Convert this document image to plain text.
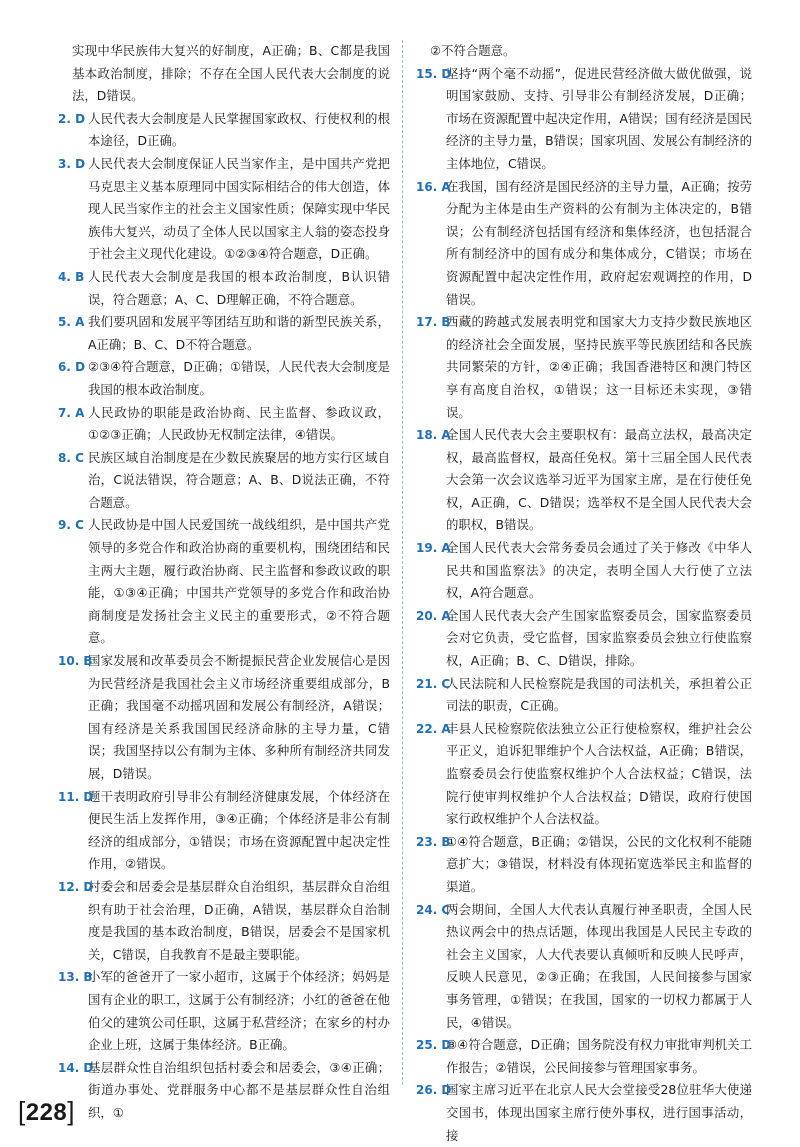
实现中华民族伟大复兴的好制度，A正确；B、C都是我国基本政治制度，排除；不存在全国人民代表大会制度的说法，D错误。

2. D 人民代表大会制度是人民掌握国家政权、行使权利的根本途径，D正确。

3. D 人民代表大会制度保证人民当家作主，是中国共产党把马克思主义基本原理同中国实际相结合的伟大创造，体现人民当家作主的社会主义国家性质；保障实现中华民族伟大复兴，动员了全体人民以国家主人翁的姿态投身于社会主义现代化建设。①②③④符合题意，D正确。

4. B 人民代表大会制度是我国的根本政治制度，B认识错误，符合题意；A、C、D理解正确，不符合题意。

5. A 我们要巩固和发展平等团结互助和谐的新型民族关系，A正确；B、C、D不符合题意。

6. D ②③④符合题意，D正确；①错误，人民代表大会制度是我国的根本政治制度。

7. A 人民政协的职能是政治协商、民主监督、参政议政，①②③正确；人民政协无权制定法律，④错误。

8. C 民族区域自治制度是在少数民族聚居的地方实行区域自治，C说法错误，符合题意；A、B、D说法正确，不符合题意。

9. C 人民政协是中国人民爱国统一战线组织，是中国共产党领导的多党合作和政治协商的重要机构，围绕团结和民主两大主题，履行政治协商、民主监督和参政议政的职能，①③④正确；中国共产党领导的多党合作和政治协商制度是发扬社会主义民主的重要形式，②不符合题意。

10. B
国家发展和改革委员会不断提振民营企业发展信心是因为民营经济是我国社会主义市场经济重要组成部分，B正确；我国毫不动摇巩固和发展公有制经济，A错误；国有经济是关系我国国民经济命脉的主导力量，C错误；我国坚持以公有制为主体、多种所有制经济共同发展，D错误。

11. D
题干表明政府引导非公有制经济健康发展，个体经济在便民生活上发挥作用，③④正确；个体经济是非公有制经济的组成部分，①错误；市场在资源配置中起决定性作用，②错误。

12. D
村委会和居委会是基层群众自治组织，基层群众自治组织有助于社会治理，D正确，A错误，基层群众自治制度是我国的基本政治制度，B错误，居委会不是国家机关，C错误，自我教育不是最主要职能。

13. B
小军的爸爸开了一家小超市，这属于个体经济；妈妈是国有企业的职工，这属于公有制经济；小红的爸爸在他伯父的建筑公司任职，这属于私营经济；在家乡的村办企业上班，这属于集体经济。B正确。

14. D
基层群众性自治组织包括村委会和居委会，③④正确；街道办事处、党群服务中心都不是基层群众性自治组织，①

②不符合题意。

15. D
坚持“两个毫不动摇”，促进民营经济做大做优做强，说明国家鼓励、支持、引导非公有制经济发展，D正确；市场在资源配置中起决定作用，A错误；国有经济是国民经济的主导力量，B错误；国家巩固、发展公有制经济的主体地位，C错误。

16. A
在我国，国有经济是国民经济的主导力量，A正确；按劳分配为主体是由生产资料的公有制为主体决定的，B错误；公有制经济包括国有经济和集体经济，也包括混合所有制经济中的国有成分和集体成分，C错误；市场在资源配置中起决定性作用，政府起宏观调控的作用，D错误。

17. B
西藏的跨越式发展表明党和国家大力支持少数民族地区的经济社会全面发展，坚持民族平等民族团结和各民族共同繁荣的方针，②④正确；我国香港特区和澳门特区享有高度自治权，①错误；这一目标还未实现，③错误。

18. A
全国人民代表大会主要职权有：最高立法权，最高决定权，最高监督权，最高任免权。第十三届全国人民代表大会第一次会议选举习近平为国家主席，是在行使任免权，A正确，C、D错误；选举权不是全国人民代表大会的职权，B错误。

19. A
全国人民代表大会常务委员会通过了关于修改《中华人民共和国监察法》的决定，表明全国人大行使了立法权，A符合题意。

20. A
全国人民代表大会产生国家监察委员会，国家监察委员会对它负责，受它监督，国家监察委员会独立行使监察权，A正确；B、C、D错误，排除。

21. C
人民法院和人民检察院是我国的司法机关，承担着公正司法的职责，C正确。

22. A
丰县人民检察院依法独立公正行使检察权，维护社会公平正义，追诉犯罪维护个人合法权益，A正确；B错误，监察委员会行使监察权维护个人合法权益；C错误，法院行使审判权维护个人合法权益；D错误，政府行使国家行政权维护个人合法权益。

23. B
①④符合题意，B正确；②错误，公民的文化权利不能随意扩大；③错误，材料没有体现拓宽选举民主和监督的渠道。

24. C
两会期间，全国人大代表认真履行神圣职责，全国人民热议两会中的热点话题，体现出我国是人民民主专政的社会主义国家，人大代表要认真倾听和反映人民呼声，反映人民意见，②③正确；在我国，人民间接参与国家事务管理，①错误；在我国，国家的一切权力都属于人民，④错误。

25. D
③④符合题意，D正确；国务院没有权力审批审判机关工作报告；②错误，公民间接参与管理国家事务。

26. D
国家主席习近平在北京人民大会堂接受28位驻华大使递交国书，体现出国家主席行使外事权，进行国事活动，接

[228]
